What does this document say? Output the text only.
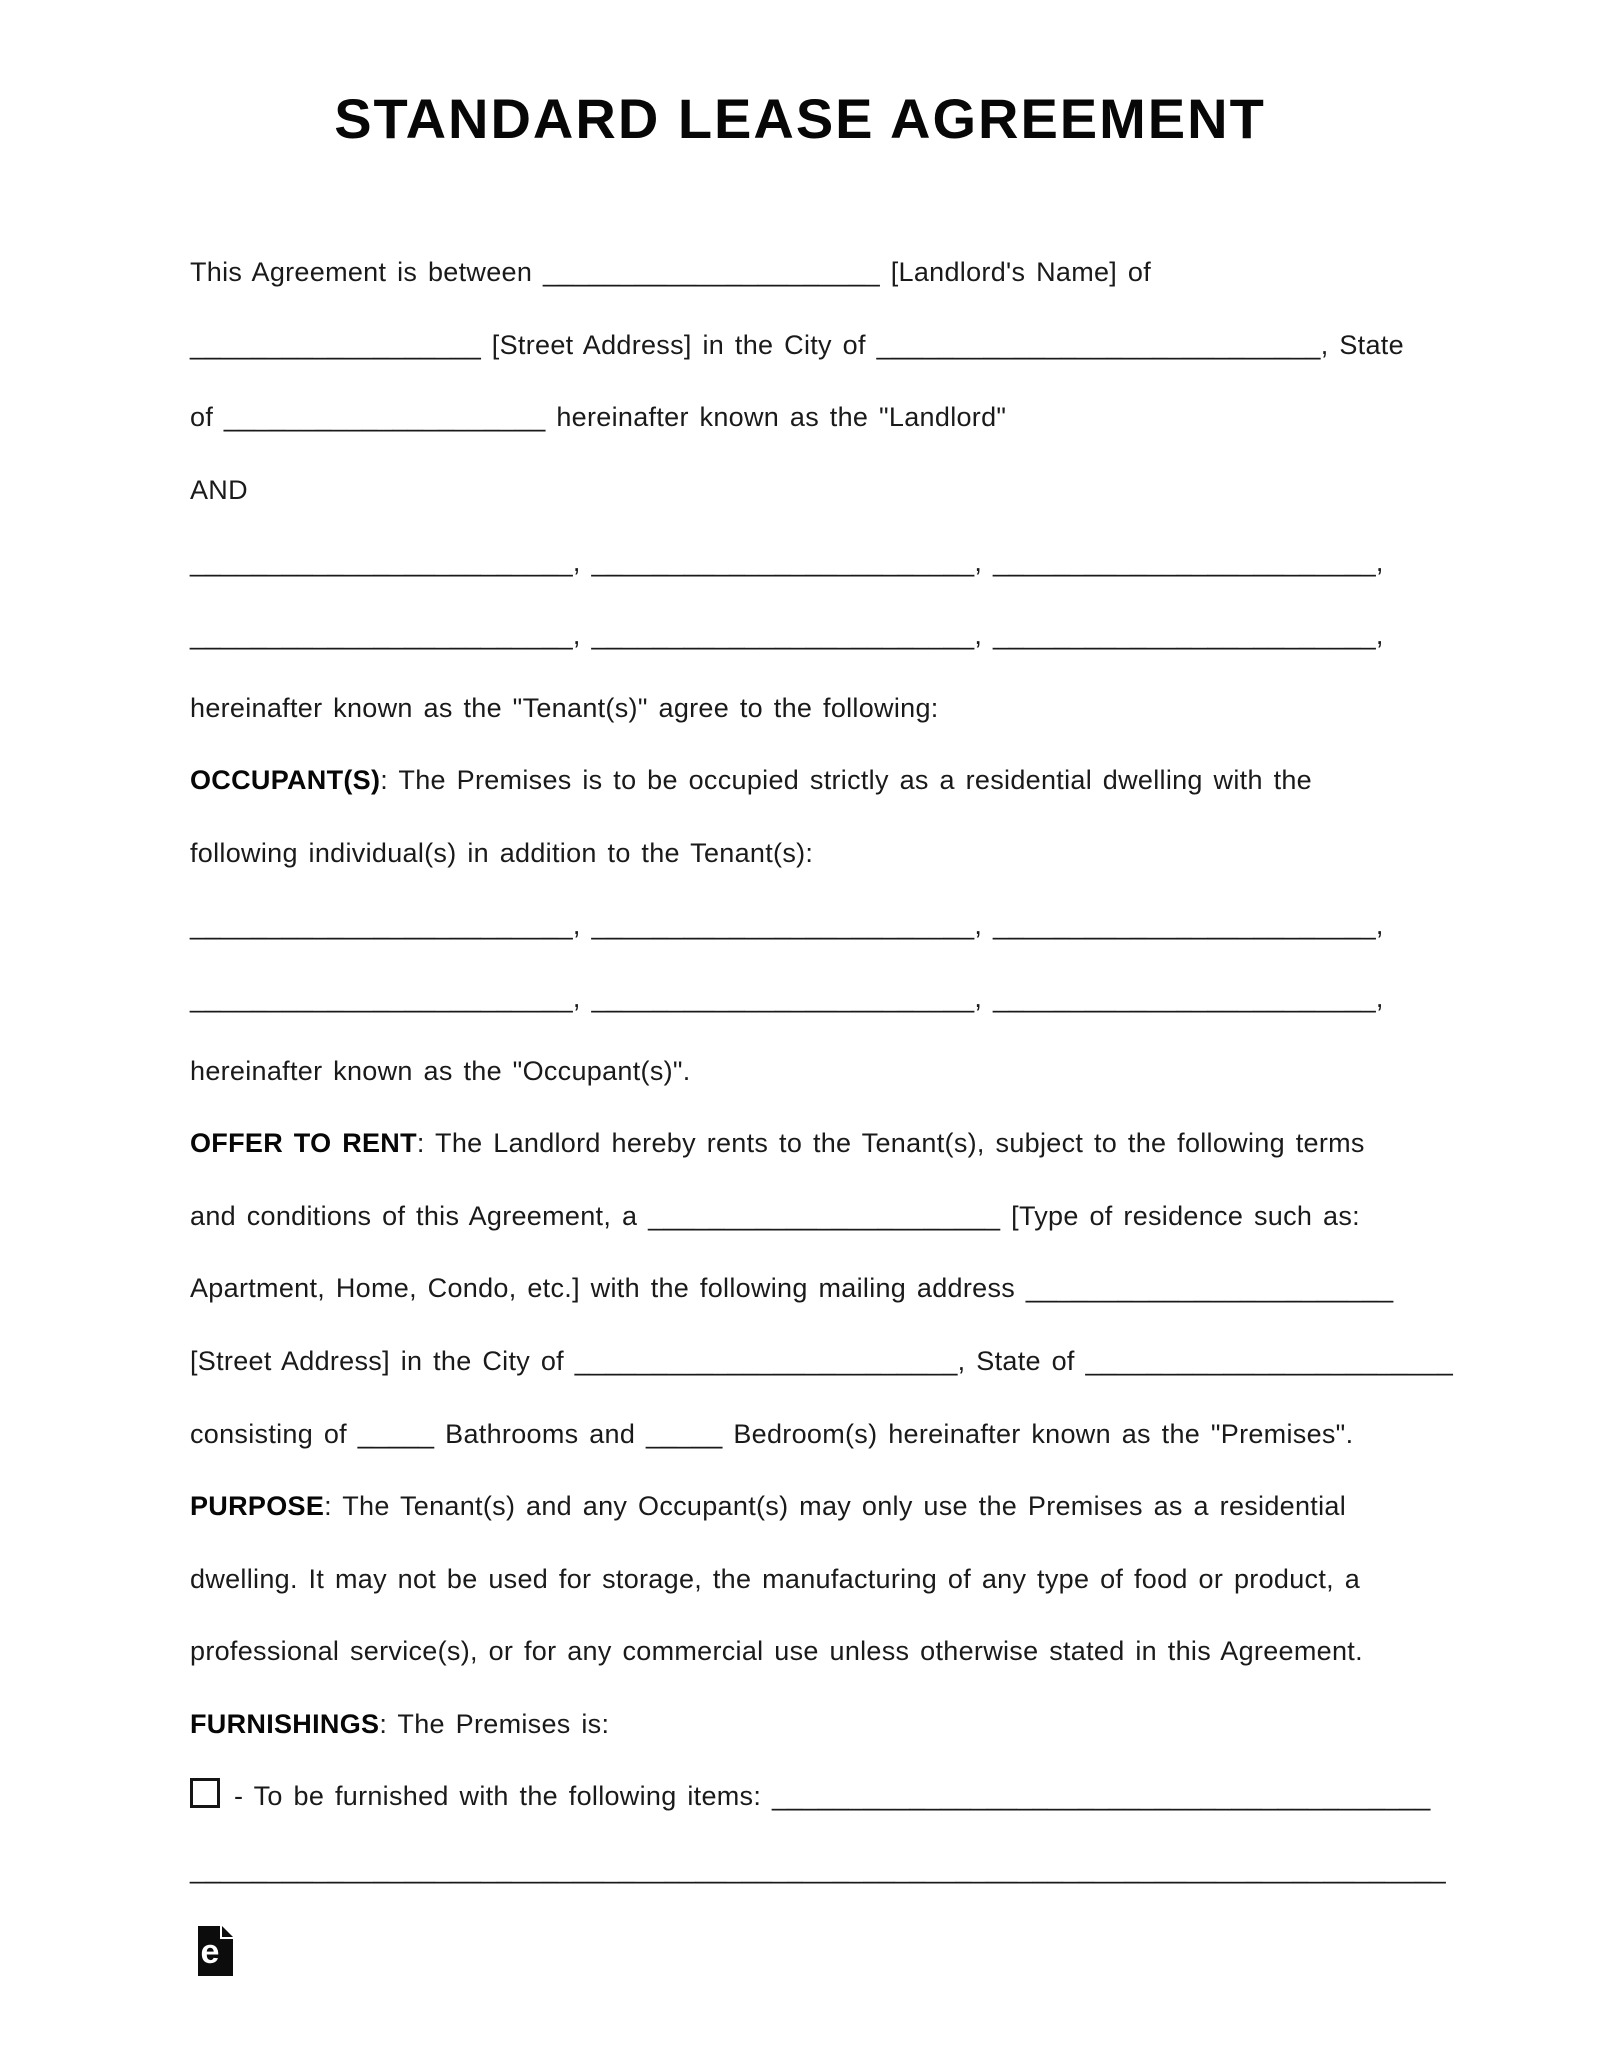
STANDARD LEASE AGREEMENT
This Agreement is between ______________________ [Landlord's Name] of
___________________ [Street Address] in the City of _____________________________, State
of _____________________ hereinafter known as the "Landlord"
AND
_________________________, _________________________, _________________________,
_________________________, _________________________, _________________________,
hereinafter known as the "Tenant(s)" agree to the following:
OCCUPANT(S): The Premises is to be occupied strictly as a residential dwelling with the
following individual(s) in addition to the Tenant(s):
_________________________, _________________________, _________________________,
_________________________, _________________________, _________________________,
hereinafter known as the "Occupant(s)".
OFFER TO RENT: The Landlord hereby rents to the Tenant(s), subject to the following terms
and conditions of this Agreement, a _______________________ [Type of residence such as:
Apartment, Home, Condo, etc.] with the following mailing address ________________________
[Street Address] in the City of _________________________, State of ________________________
consisting of _____ Bathrooms and _____ Bedroom(s) hereinafter known as the "Premises".
PURPOSE: The Tenant(s) and any Occupant(s) may only use the Premises as a residential
dwelling. It may not be used for storage, the manufacturing of any type of food or product, a
professional service(s), or for any commercial use unless otherwise stated in this Agreement.
FURNISHINGS: The Premises is:
- To be furnished with the following items: ___________________________________________
__________________________________________________________________________________
e
